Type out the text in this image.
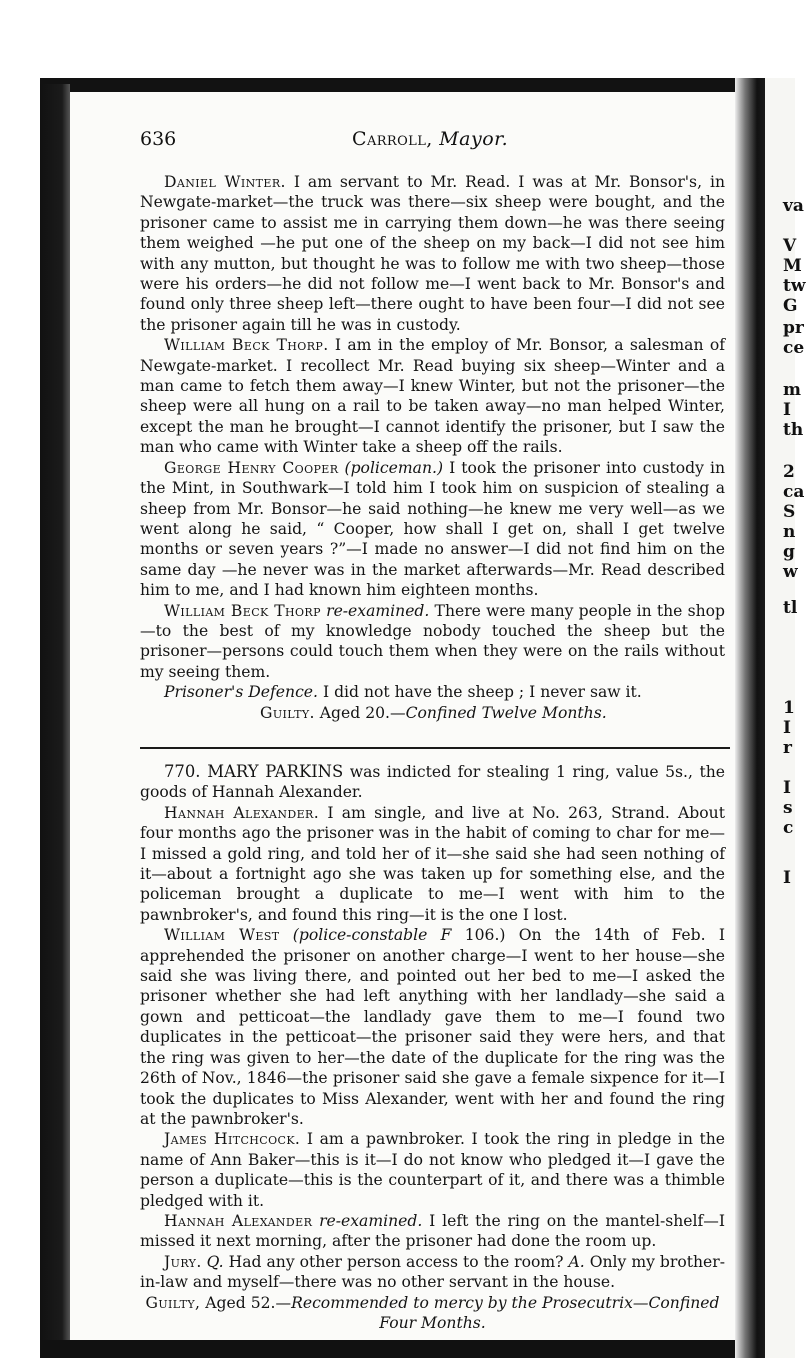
va
V
M
tw
G
pr
ce
m
I
th
2
ca
S
n
g
w
tl
1
I
r
I
s
c
I
636	Carroll, Mayor.

Daniel Winter. I am servant to Mr. Read. I was at Mr. Bonsor's, in Newgate-market—the truck was there—six sheep were bought, and the prisoner came to assist me in carrying them down—he was there seeing them weighed —he put one of the sheep on my back—I did not see him with any mutton, but thought he was to follow me with two sheep—those were his orders—he did not follow me—I went back to Mr. Bonsor's and found only three sheep left—there ought to have been four—I did not see the prisoner again till he was in custody.

William Beck Thorp. I am in the employ of Mr. Bonsor, a salesman of Newgate-market. I recollect Mr. Read buying six sheep—Winter and a man came to fetch them away—I knew Winter, but not the prisoner—the sheep were all hung on a rail to be taken away—no man helped Winter, except the man he brought—I cannot identify the prisoner, but I saw the man who came with Winter take a sheep off the rails.

George Henry Cooper (policeman.) I took the prisoner into custody in the Mint, in Southwark—I told him I took him on suspicion of stealing a sheep from Mr. Bonsor—he said nothing—he knew me very well—as we went along he said, “ Cooper, how shall I get on, shall I get twelve months or seven years ?”—I made no answer—I did not find him on the same day —he never was in the market afterwards—Mr. Read described him to me, and I had known him eighteen months.

William Beck Thorp re-examined. There were many people in the shop—to the best of my knowledge nobody touched the sheep but the prisoner—persons could touch them when they were on the rails without my seeing them.

Prisoner's Defence. I did not have the sheep ; I never saw it.

Guilty. Aged 20.—Confined Twelve Months.

770. MARY PARKINS was indicted for stealing 1 ring, value 5s., the goods of Hannah Alexander.

Hannah Alexander. I am single, and live at No. 263, Strand. About four months ago the prisoner was in the habit of coming to char for me—I missed a gold ring, and told her of it—she said she had seen nothing of it—about a fortnight ago she was taken up for something else, and the policeman brought a duplicate to me—I went with him to the pawnbroker's, and found this ring—it is the one I lost.

William West (police-constable F 106.) On the 14th of Feb. I apprehended the prisoner on another charge—I went to her house—she said she was living there, and pointed out her bed to me—I asked the prisoner whether she had left anything with her landlady—she said a gown and petticoat—the landlady gave them to me—I found two duplicates in the petticoat—the prisoner said they were hers, and that the ring was given to her—the date of the duplicate for the ring was the 26th of Nov., 1846—the prisoner said she gave a female sixpence for it—I took the duplicates to Miss Alexander, went with her and found the ring at the pawnbroker's.

James Hitchcock. I am a pawnbroker. I took the ring in pledge in the name of Ann Baker—this is it—I do not know who pledged it—I gave the person a duplicate—this is the counterpart of it, and there was a thimble pledged with it.

Hannah Alexander re-examined. I left the ring on the mantel-shelf—I missed it next morning, after the prisoner had done the room up.

Jury. Q. Had any other person access to the room? A. Only my brother-in-law and myself—there was no other servant in the house.

Guilty, Aged 52.—Recommended to mercy by the Prosecutrix—Confined Four Months.
